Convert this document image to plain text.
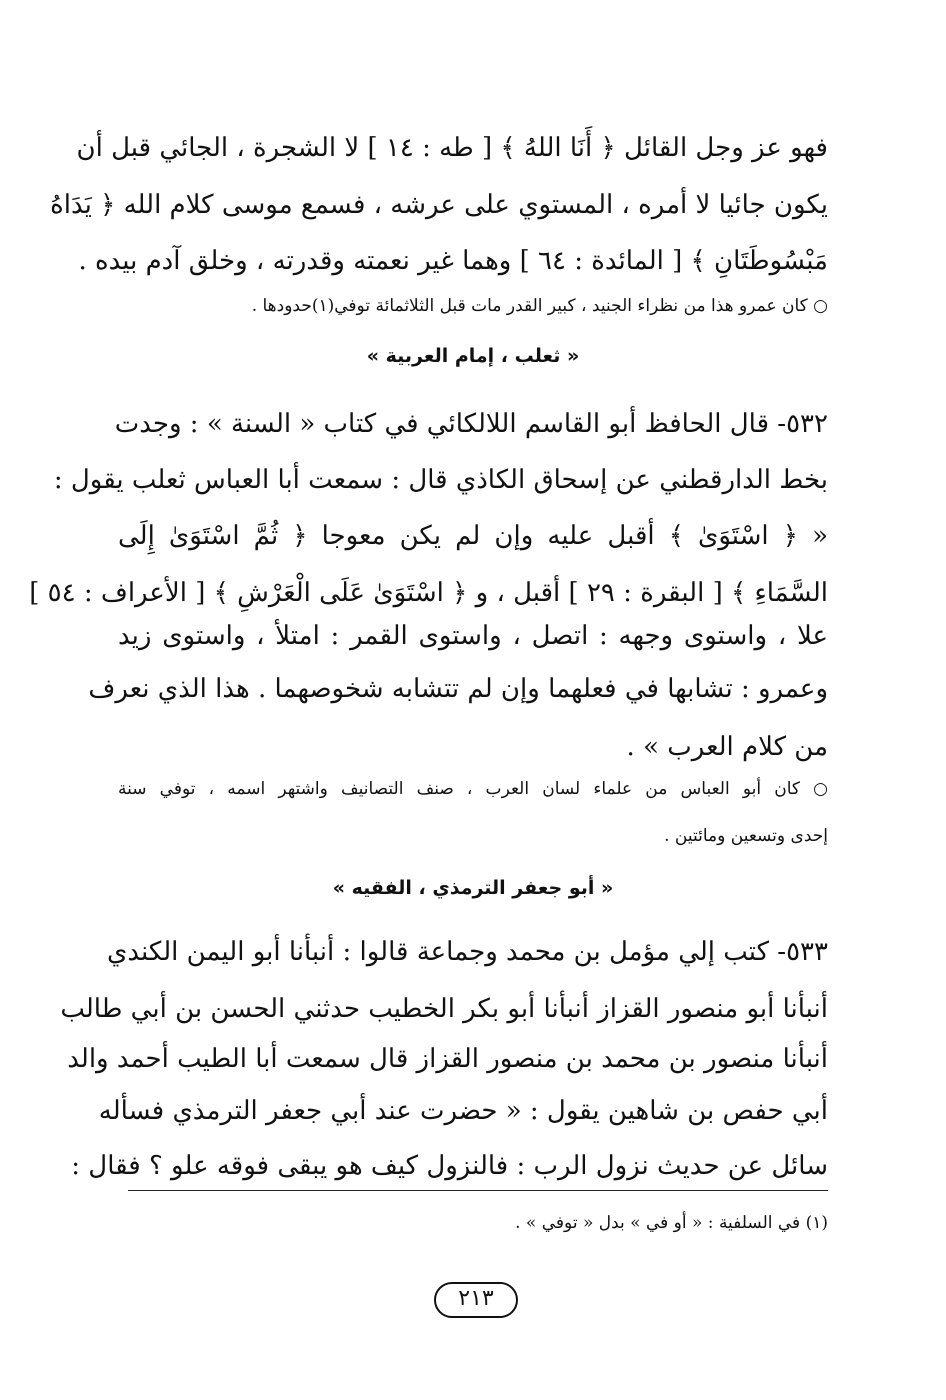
فهو عز وجل القائل ﴿ أَنَا اللهُ ﴾ [ طه : ١٤ ] لا الشجرة ، الجائي قبل أن
يكون جائيا لا أمره ، المستوي على عرشه ، فسمع موسى كلام الله ﴿ يَدَاهُ
مَبْسُوطَتَانِ ﴾ [ المائدة : ٦٤ ] وهما غير نعمته وقدرته ، وخلق آدم بيده .
○ كان عمرو هذا من نظراء الجنيد ، كبير القدر مات قبل الثلاثمائة توفي(١)حدودها .
« ثعلب ، إمام العربية »
٥٣٢- قال الحافظ أبو القاسم اللالكائي في كتاب « السنة » : وجدت
بخط الدارقطني عن إسحاق الكاذي قال : سمعت أبا العباس ثعلب يقول :
« ﴿ اسْتَوَىٰ ﴾ أقبل عليه وإن لم يكن معوجا ﴿ ثُمَّ اسْتَوَىٰ إِلَى
السَّمَاءِ ﴾ [ البقرة : ٢٩ ] أقبل ، و ﴿ اسْتَوَىٰ عَلَى الْعَرْشِ ﴾ [ الأعراف : ٥٤ ]
علا ، واستوى وجهه : اتصل ، واستوى القمر : امتلأ ، واستوى زيد
وعمرو : تشابها في فعلهما وإن لم تتشابه شخوصهما . هذا الذي نعرف
من كلام العرب » .
○ كان أبو العباس من علماء لسان العرب ، صنف التصانيف واشتهر اسمه ، توفي سنة
إحدى وتسعين ومائتين .
« أبو جعفر الترمذي ، الفقيه »
٥٣٣- كتب إلي مؤمل بن محمد وجماعة قالوا : أنبأنا أبو اليمن الكندي
أنبأنا أبو منصور القزاز أنبأنا أبو بكر الخطيب حدثني الحسن بن أبي طالب
أنبأنا منصور بن محمد بن منصور القزاز قال سمعت أبا الطيب أحمد والد
أبي حفص بن شاهين يقول : « حضرت عند أبي جعفر الترمذي فسأله
سائل عن حديث نزول الرب : فالنزول كيف هو يبقى فوقه علو ؟ فقال :
(١) في السلفية : « أو في » بدل « توفي » .
٢١٣
